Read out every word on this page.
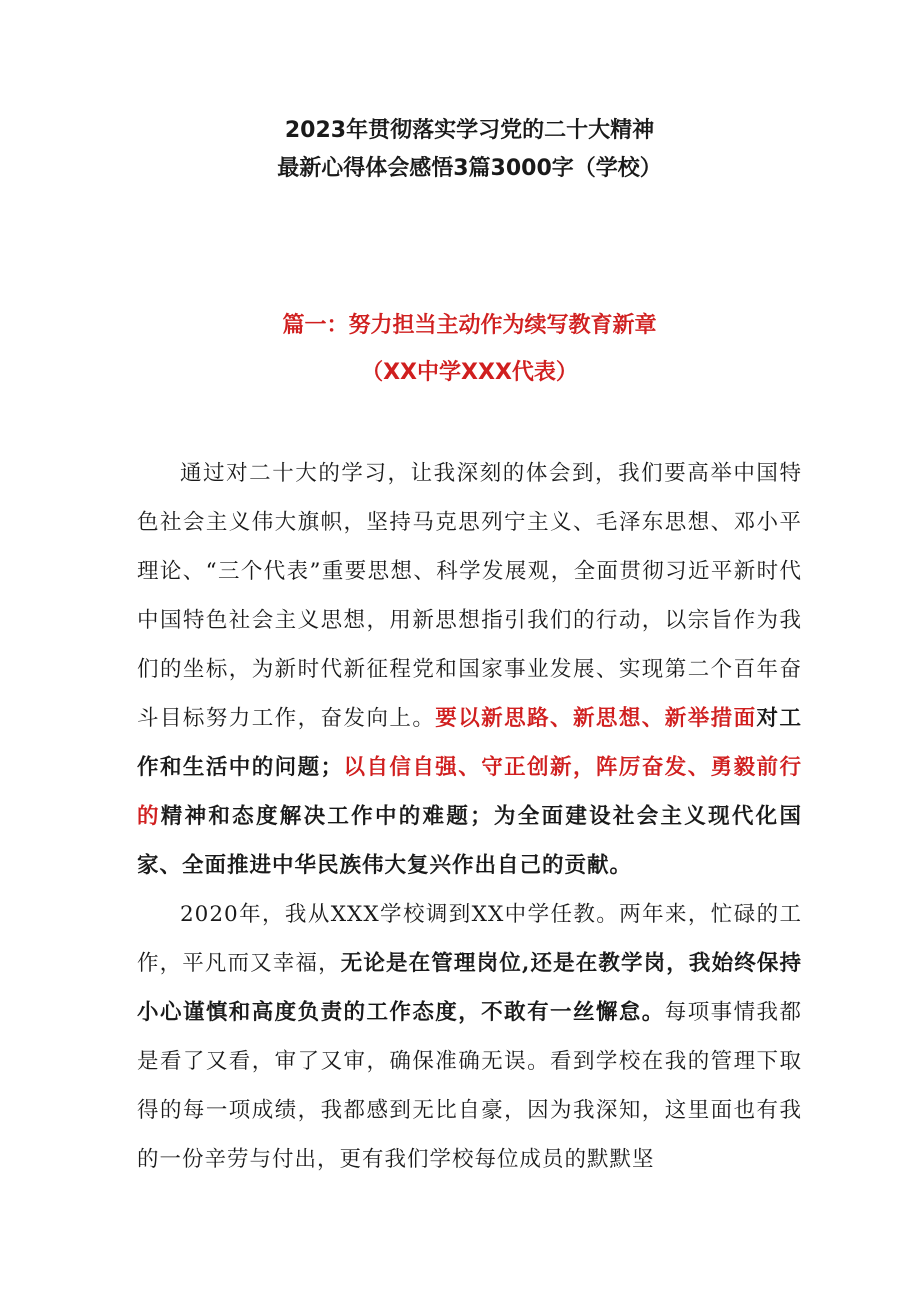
2023年贯彻落实学习党的二十大精神
最新心得体会感悟3篇3000字（学校）
篇一：努力担当主动作为续写教育新章
（XX中学XXX代表）

通过对二十大的学习，让我深刻的体会到，我们要高举中国特色社会主义伟大旗帜，坚持马克思列宁主义、毛泽东思想、邓小平理论、“三个代表”重要思想、科学发展观，全面贯彻习近平新时代中国特色社会主义思想，用新思想指引我们的行动，以宗旨作为我们的坐标，为新时代新征程党和国家事业发展、实现第二个百年奋斗目标努力工作，奋发向上。要以新思路、新思想、新举措面对工作和生活中的问题；以自信自强、守正创新，阵厉奋发、勇毅前行的精神和态度解决工作中的难题；为全面建设社会主义现代化国家、全面推进中华民族伟大复兴作出自己的贡献。

2020年，我从XXX学校调到XX中学任教。两年来，忙碌的工作，平凡而又幸福，无论是在管理岗位,还是在教学岗，我始终保持小心谨慎和高度负责的工作态度，不敢有一丝懈怠。每项事情我都是看了又看，审了又审，确保准确无误。看到学校在我的管理下取得的每一项成绩，我都感到无比自豪，因为我深知，这里面也有我的一份辛劳与付出，更有我们学校每位成员的默默坚
